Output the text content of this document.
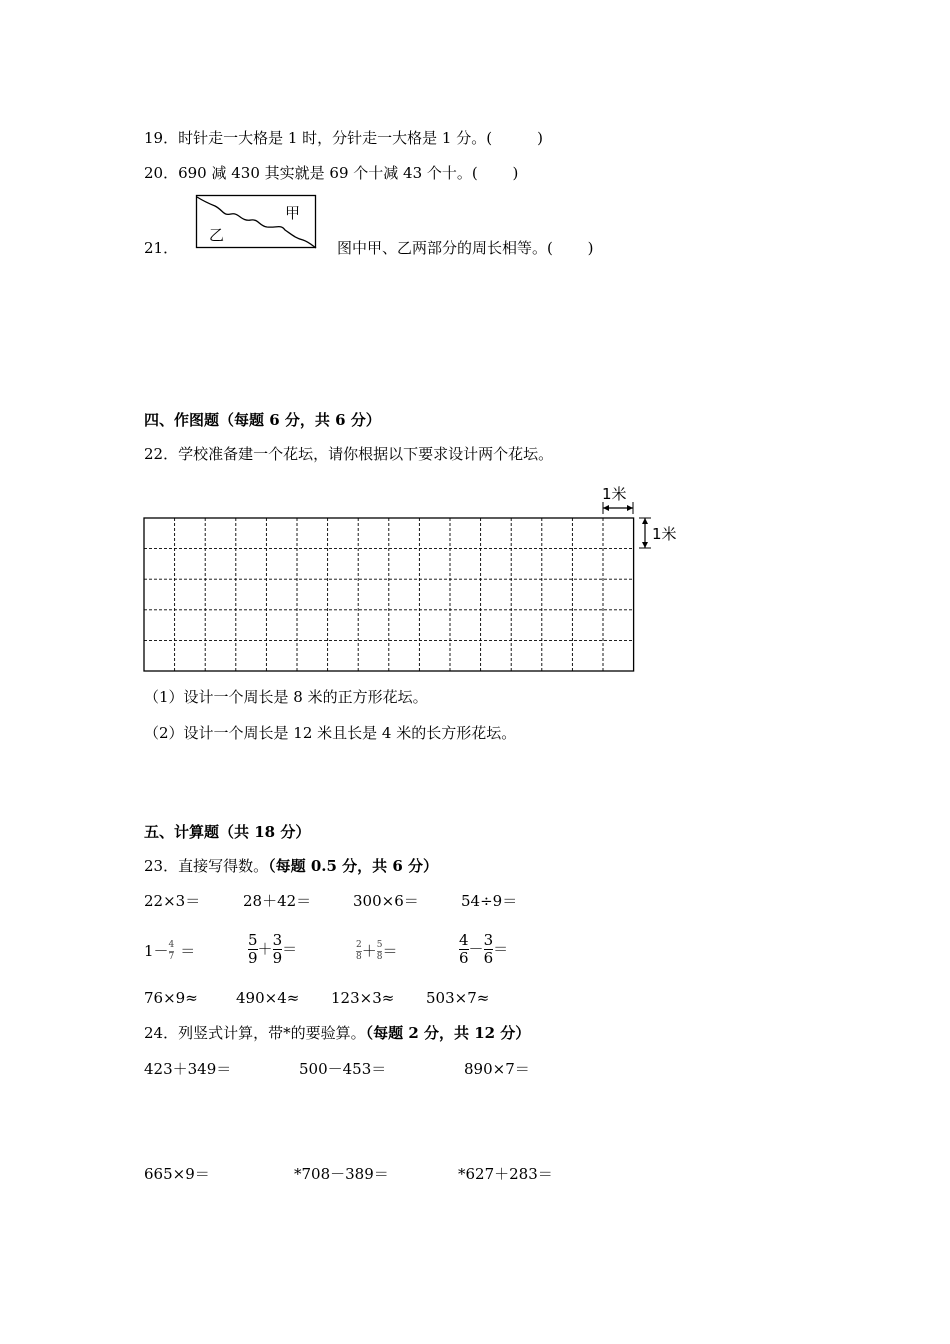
19．时针走一大格是 1 时，分针走一大格是 1 分。(　　　)
20．690 减 430 其实就是 69 个十减 43 个十。(　　 )
21．
甲
乙
图中甲、乙两部分的周长相等。(　　 )
四、作图题（每题 6 分，共 6 分）
22．学校准备建一个花坛，请你根据以下要求设计两个花坛。
1米
1米
（1）设计一个周长是 8 米的正方形花坛。
（2）设计一个周长是 12 米且长是 4 米的长方形花坛。
五、计算题（共 18 分）
23．直接写得数。（每题 0.5 分，共 6 分）
22×3＝	28＋42＝	300×6＝	54÷9＝
$1- \frac{4}{7}$ ＝	$\frac{5}{9} + \frac{3}{9}$ ＝	$\frac{2}{8} + \frac{5}{8}$ ＝	$\frac{4}{6} - \frac{3}{6}$ ＝
76×9≈	490×4≈ 123×3≈ 503×7≈
24．列竖式计算，带*的要验算。（每题 2 分，共 12 分）
423＋349＝	500－453＝	890×7＝
665×9＝	*708－389＝	*627＋283＝
